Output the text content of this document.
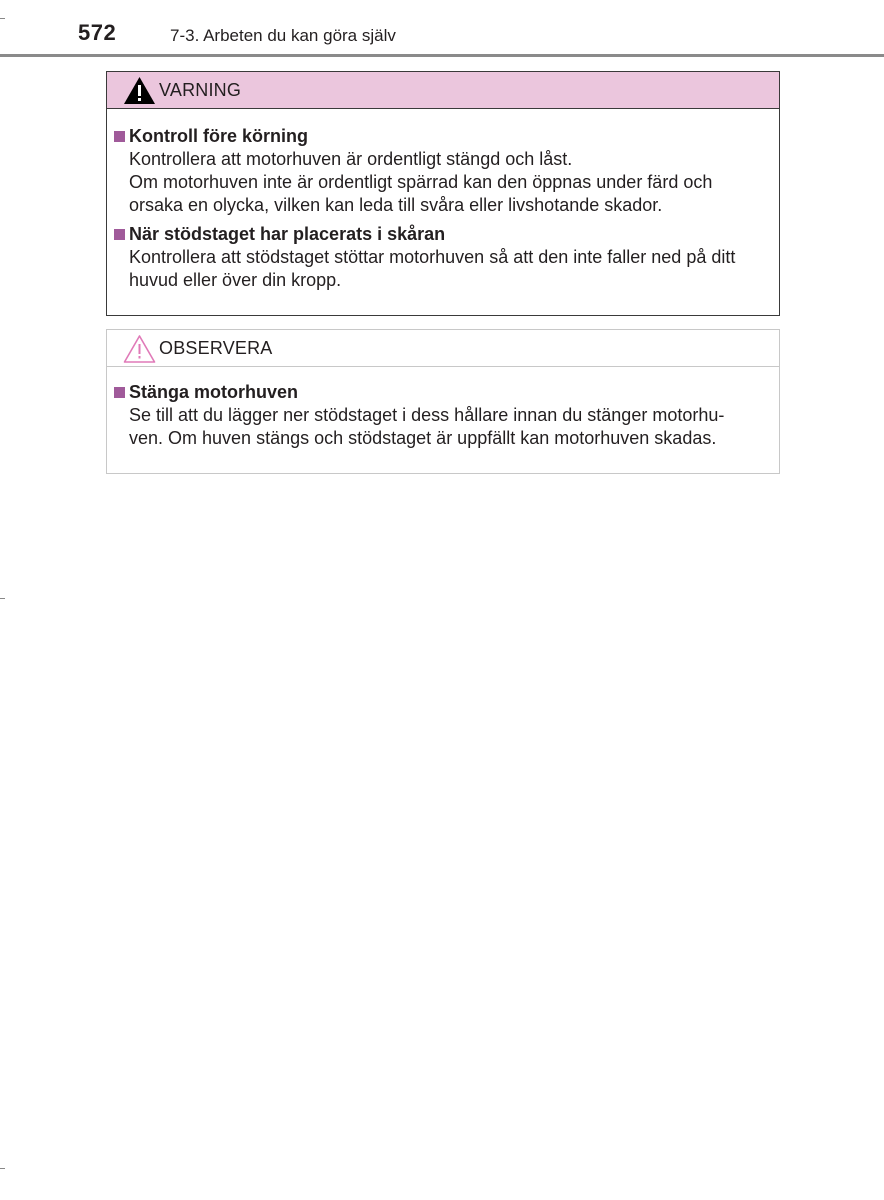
572	7-3. Arbeten du kan göra själv
VARNING
Kontroll före körning

Kontrollera att motorhuven är ordentligt stängd och låst.

Om motorhuven inte är ordentligt spärrad kan den öppnas under färd och

orsaka en olycka, vilken kan leda till svåra eller livshotande skador.

När stödstaget har placerats i skåran

Kontrollera att stödstaget stöttar motorhuven så att den inte faller ned på ditt

huvud eller över din kropp.

OBSERVERA
Stänga motorhuven

Se till att du lägger ner stödstaget i dess hållare innan du stänger motorhu-

ven. Om huven stängs och stödstaget är uppfällt kan motorhuven skadas.
